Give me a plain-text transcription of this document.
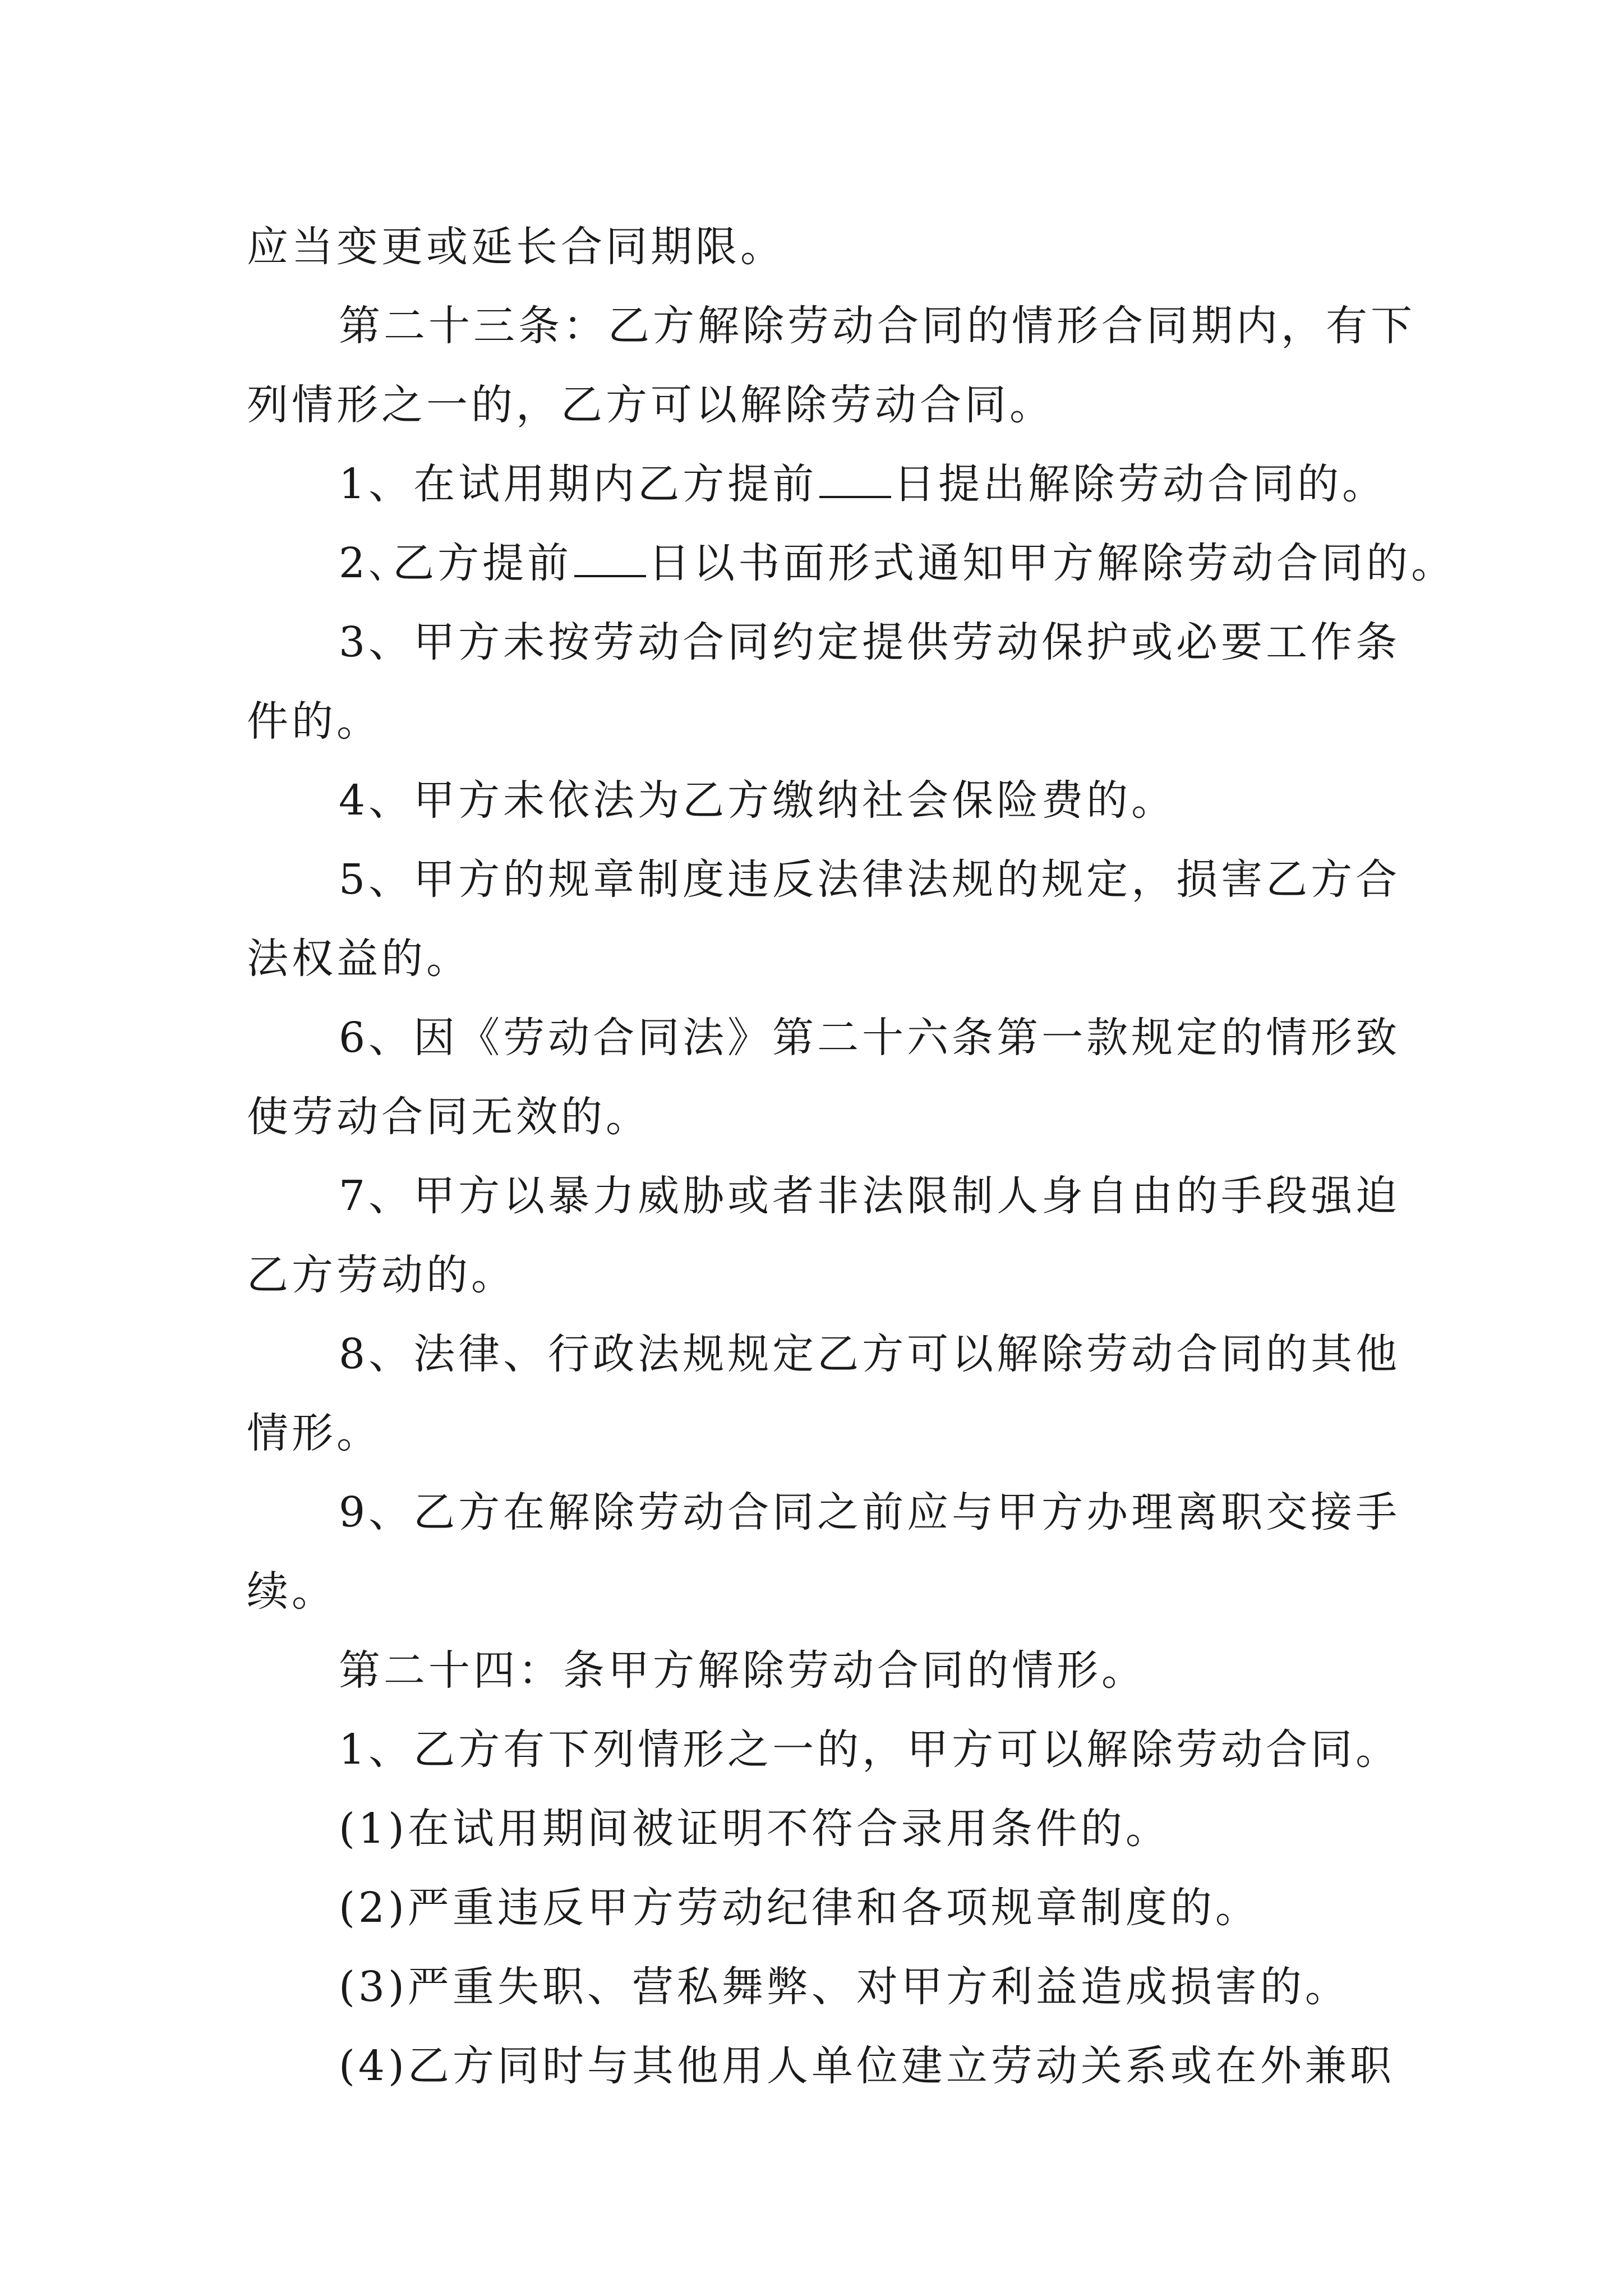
应当变更或延长合同期限。

第二十三条：乙方解除劳动合同的情形合同期内，有下

列情形之一的，乙方可以解除劳动合同。

1、在试用期内乙方提前 日提出解除劳动合同的。

2､乙方提前 日以书面形式通知甲方解除劳动合同的。

3、甲方未按劳动合同约定提供劳动保护或必要工作条

件的。

4、甲方未依法为乙方缴纳社会保险费的。

5、甲方的规章制度违反法律法规的规定，损害乙方合

法权益的。

6、因《劳动合同法》第二十六条第一款规定的情形致

使劳动合同无效的。

7、甲方以暴力威胁或者非法限制人身自由的手段强迫

乙方劳动的。

8、法律、行政法规规定乙方可以解除劳动合同的其他

情形。

9、乙方在解除劳动合同之前应与甲方办理离职交接手

续。

第二十四：条甲方解除劳动合同的情形。

1、乙方有下列情形之一的，甲方可以解除劳动合同。

(1)在试用期间被证明不符合录用条件的。

(2)严重违反甲方劳动纪律和各项规章制度的。

(3)严重失职、营私舞弊、对甲方利益造成损害的。

(4)乙方同时与其他用人单位建立劳动关系或在外兼职
